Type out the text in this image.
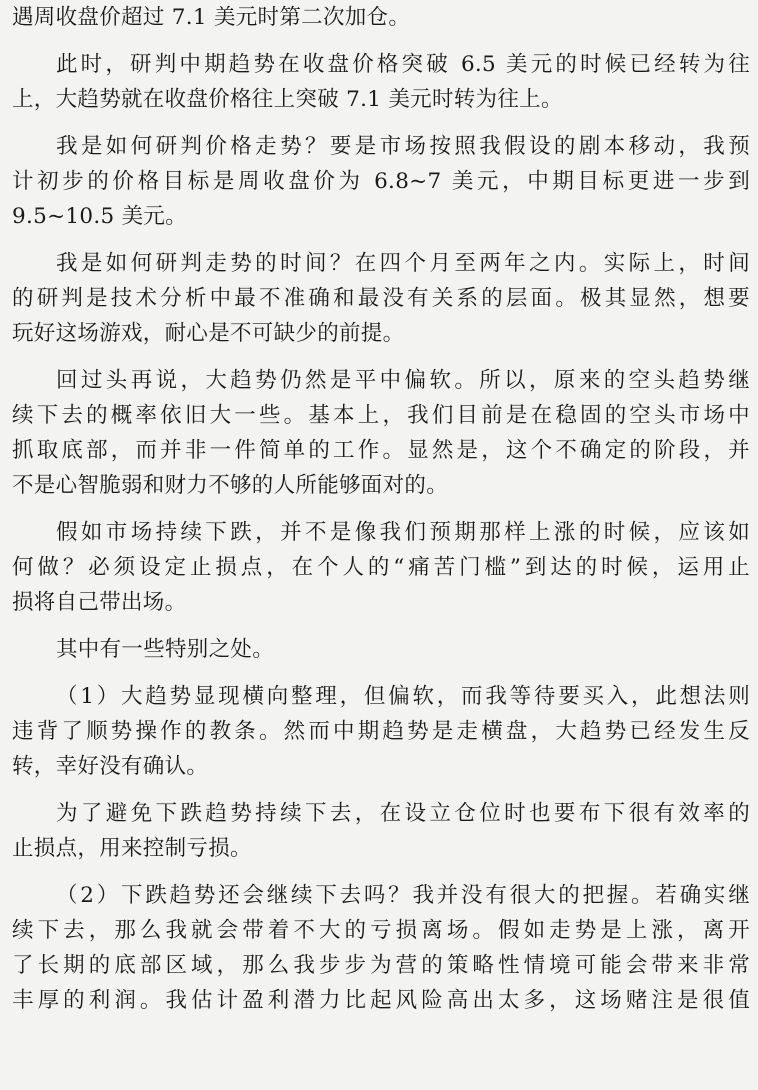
遇周收盘价超过 7.1 美元时第二次加仓。
此时，研判中期趋势在收盘价格突破 6.5 美元的时候已经转为往
上，大趋势就在收盘价格往上突破 7.1 美元时转为往上。
我是如何研判价格走势？要是市场按照我假设的剧本移动，我预
计初步的价格目标是周收盘价为 6.8~7 美元，中期目标更进一步到
9.5~10.5 美元。
我是如何研判走势的时间？在四个月至两年之内。实际上，时间
的研判是技术分析中最不准确和最没有关系的层面。极其显然，想要
玩好这场游戏，耐心是不可缺少的前提。
回过头再说，大趋势仍然是平中偏软。所以，原来的空头趋势继
续下去的概率依旧大一些。基本上，我们目前是在稳固的空头市场中
抓取底部，而并非一件简单的工作。显然是，这个不确定的阶段，并
不是心智脆弱和财力不够的人所能够面对的。
假如市场持续下跌，并不是像我们预期那样上涨的时候，应该如
何做？必须设定止损点，在个人的“痛苦门槛”到达的时候，运用止
损将自己带出场。
其中有一些特别之处。
（1）大趋势显现横向整理，但偏软，而我等待要买入，此想法则
违背了顺势操作的教条。然而中期趋势是走横盘，大趋势已经发生反
转，幸好没有确认。
为了避免下跌趋势持续下去，在设立仓位时也要布下很有效率的
止损点，用来控制亏损。
（2）下跌趋势还会继续下去吗？我并没有很大的把握。若确实继
续下去，那么我就会带着不大的亏损离场。假如走势是上涨，离开
了长期的底部区域，那么我步步为营的策略性情境可能会带来非常
丰厚的利润。我估计盈利潜力比起风险高出太多，这场赌注是很值
